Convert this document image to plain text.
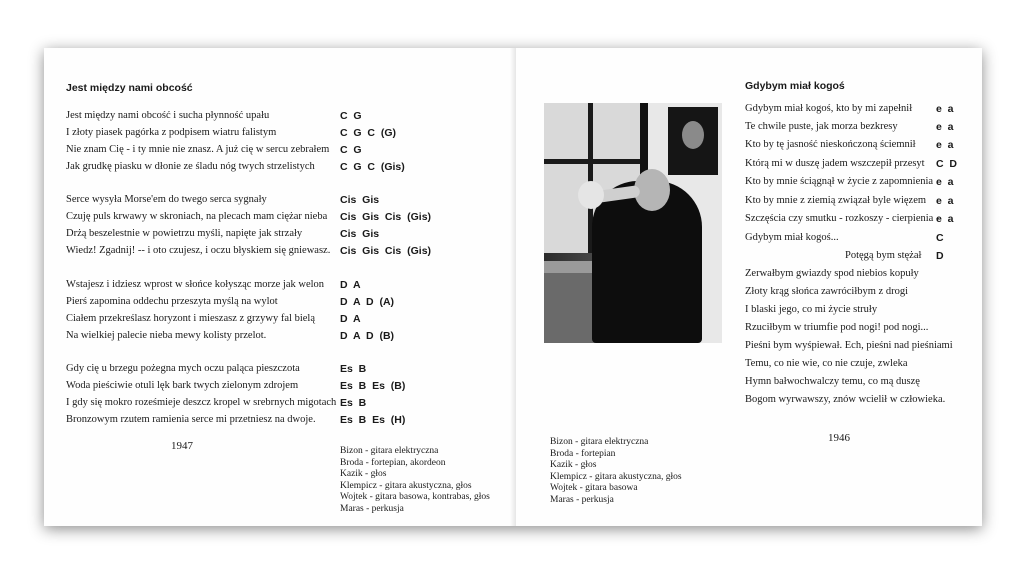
Jest między nami obcość
Jest między nami obcość i sucha płynność upału
I złoty piasek pagórka z podpisem wiatru falistym
Nie znam Cię - i ty mnie nie znasz. A już cię w sercu zebrałem
Jak grudkę piasku w dłonie ze śladu nóg twych strzelistych
Serce wysyła Morse'em do twego serca sygnały
Czuję puls krwawy w skroniach, na plecach mam ciężar nieba
Drżą beszelestnie w powietrzu myśli, napięte jak strzały
Wiedz! Zgadnij! -- i oto czujesz, i oczu błyskiem się gniewasz.
Wstajesz i idziesz wprost w słońce kołysząc morze jak welon
Pierś zapomina oddechu przeszyta myślą na wylot
Ciałem przekreślasz horyzont i mieszasz z grzywy fal bielą
Na wielkiej palecie nieba mewy kolisty przelot.
Gdy cię u brzegu pożegna mych oczu paląca pieszczota
Woda pieściwie otuli lęk bark twych zielonym zdrojem
I gdy się mokro roześmieje deszcz kropel w srebrnych migotach
Bronzowym rzutem ramienia serce mi przetniesz na dwoje.
C  G
C  G  C  (G)
C  G
C  G  C  (Gis)
Cis  Gis
Cis  Gis  Cis  (Gis)
Cis  Gis
Cis  Gis  Cis  (Gis)
D  A
D  A  D  (A)
D  A
D  A  D  (B)
Es  B
Es  B  Es  (B)
Es  B
Es  B  Es  (H)
1947	Bizon - gitara elektryczna
Broda - fortepian, akordeon
Kazik - głos
Klempicz - gitara akustyczna, głos
Wojtek - gitara basowa, kontrabas, głos
Maras - perkusja
Gdybym miał kogoś
Gdybym miał kogoś, kto by mi zapełnił
Te chwile puste, jak morza bezkresy
Kto by tę jasność nieskończoną ściemnił
Którą mi w duszę jadem wszczepił przesyt
Kto by mnie ściągnął w życie z zapomnienia
Kto by mnie z ziemią związał byle więzem
Szczęścia czy smutku - rozkoszy - cierpienia -
Gdybym miał kogoś...
Potęgą bym stężał
Zerwałbym gwiazdy spod niebios kopuły
Złoty krąg słońca zawróciłbym z drogi
I blaski jego, co mi życie struły
Rzuciłbym w triumfie pod nogi! pod nogi...
Pieśni bym wyśpiewał. Ech, pieśni nad pieśniami
Temu, co nie wie, co nie czuje, zwleka
Hymn bałwochwalczy temu, co mą duszę
Bogom wyrwawszy, znów wcielił w człowieka.
e  a
e  a
e  a
C  D
e  a
e  a
e  a
C
D
1946
Bizon - gitara elektryczna
Broda - fortepian
Kazik - głos
Klempicz - gitara akustyczna, głos
Wojtek - gitara basowa
Maras - perkusja
